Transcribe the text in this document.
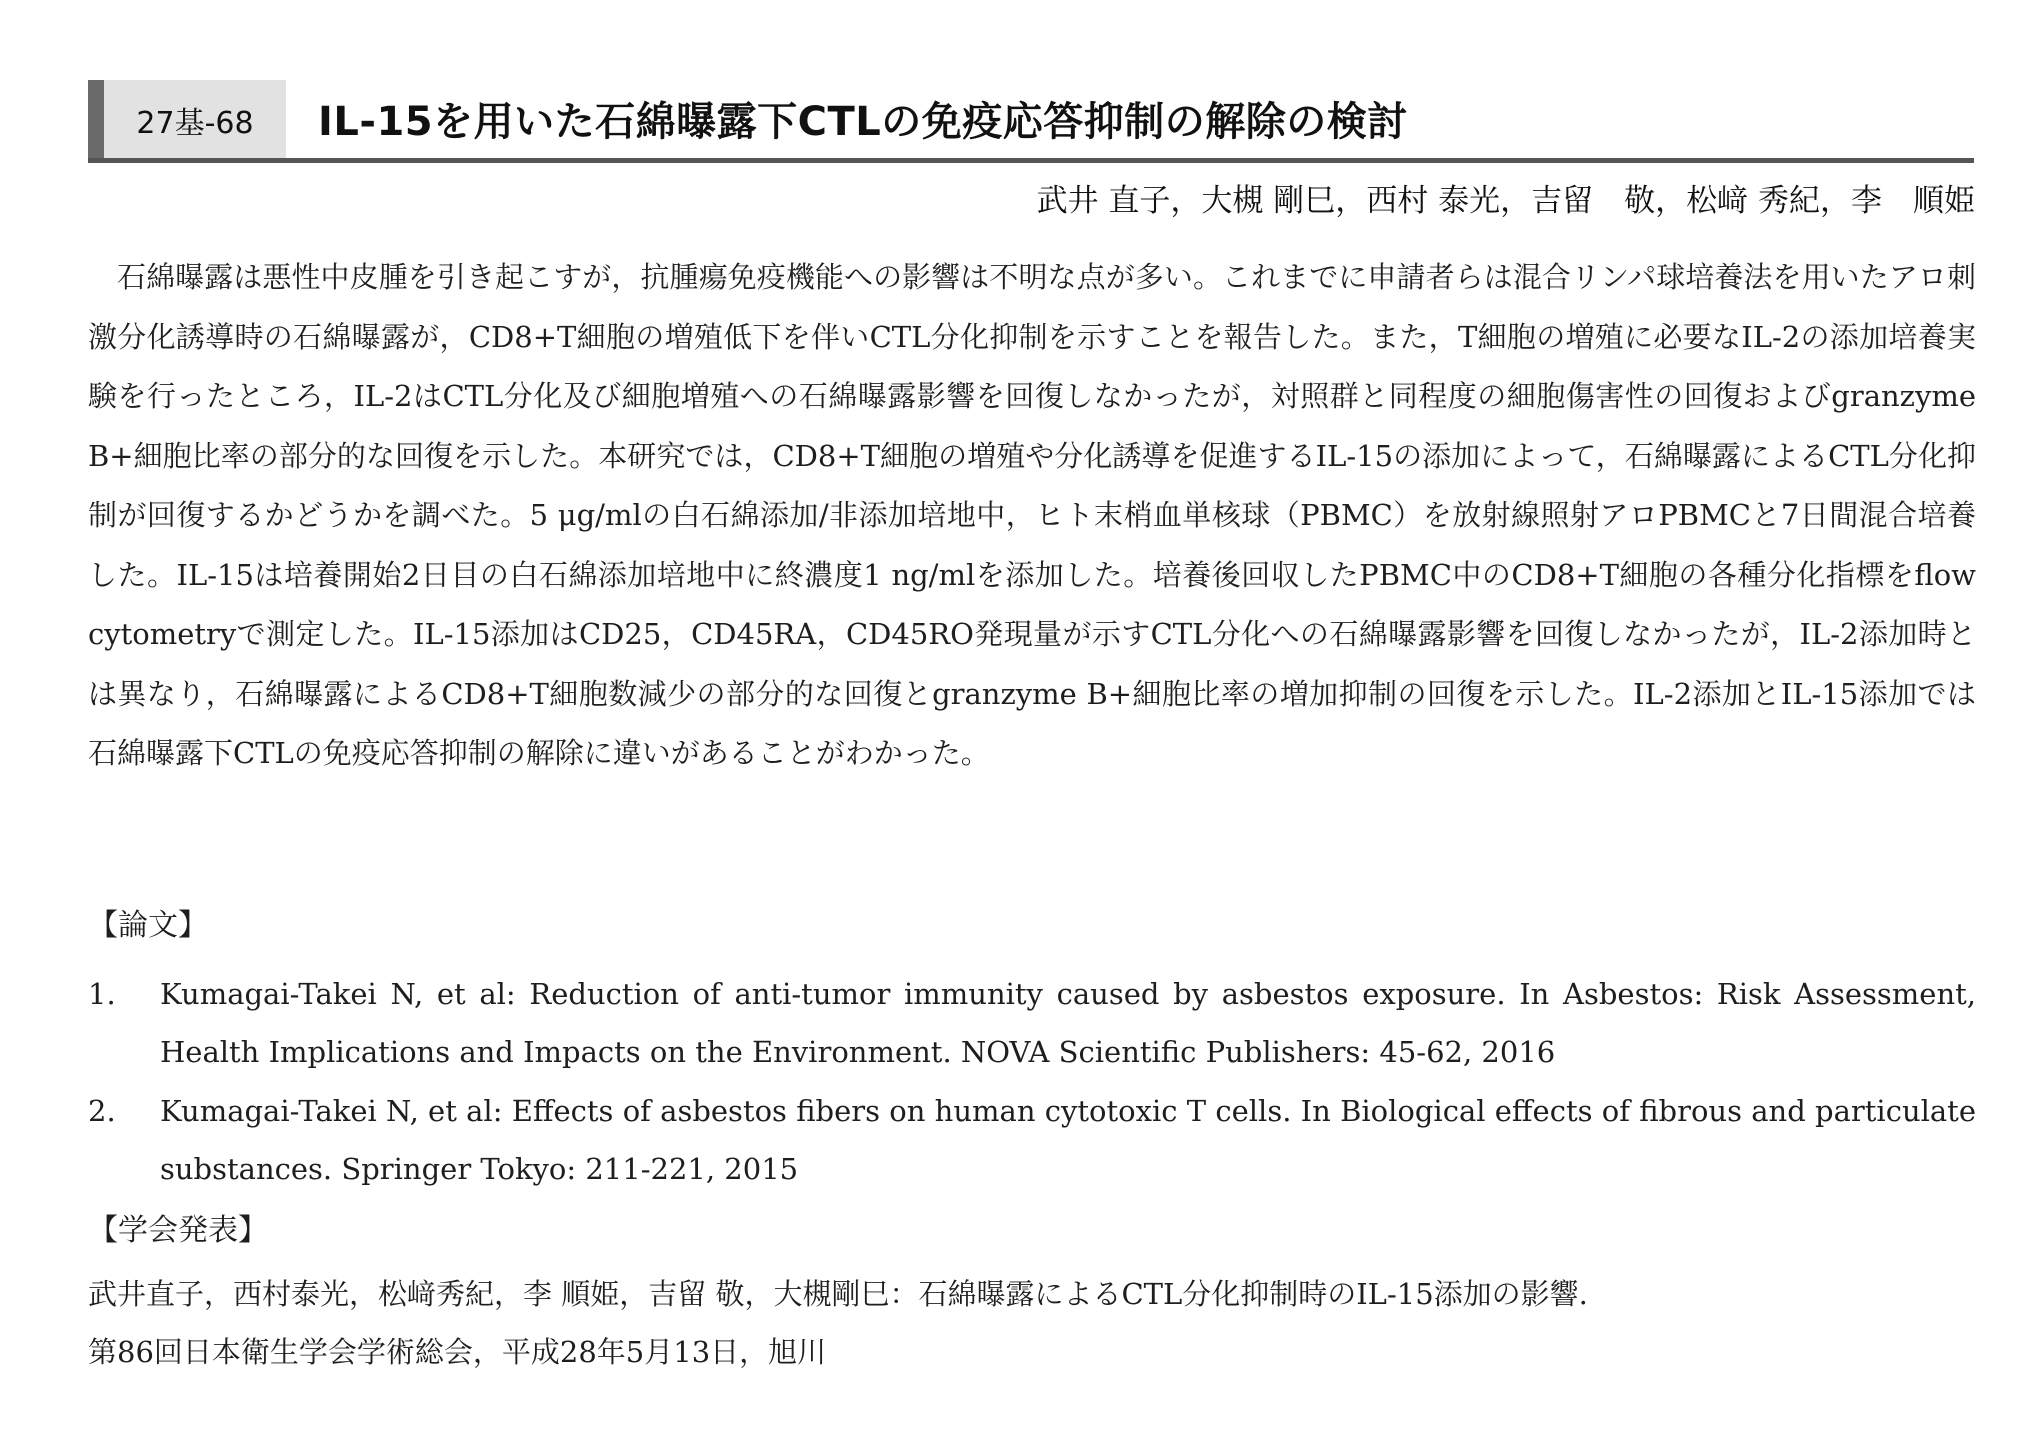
27基-68 IL-15を用いた石綿曝露下CTLの免疫応答抑制の解除の検討
武井 直子，大槻 剛巳，西村 泰光，吉留　敬，松﨑 秀紀，李　順姫
石綿曝露は悪性中皮腫を引き起こすが，抗腫瘍免疫機能への影響は不明な点が多い。これまでに申請者らは混合リンパ球培養法を用いたアロ刺激分化誘導時の石綿曝露が，CD8+T細胞の増殖低下を伴いCTL分化抑制を示すことを報告した。また，T細胞の増殖に必要なIL-2の添加培養実験を行ったところ，IL-2はCTL分化及び細胞増殖への石綿曝露影響を回復しなかったが，対照群と同程度の細胞傷害性の回復およびgranzyme B+細胞比率の部分的な回復を示した。本研究では，CD8+T細胞の増殖や分化誘導を促進するIL-15の添加によって，石綿曝露によるCTL分化抑制が回復するかどうかを調べた。5 μg/mlの白石綿添加/非添加培地中，ヒト末梢血単核球（PBMC）を放射線照射アロPBMCと7日間混合培養した。IL-15は培養開始2日目の白石綿添加培地中に終濃度1 ng/mlを添加した。培養後回収したPBMC中のCD8+T細胞の各種分化指標をflow cytometryで測定した。IL-15添加はCD25，CD45RA，CD45RO発現量が示すCTL分化への石綿曝露影響を回復しなかったが，IL-2添加時とは異なり，石綿曝露によるCD8+T細胞数減少の部分的な回復とgranzyme B+細胞比率の増加抑制の回復を示した。IL-2添加とIL-15添加では石綿曝露下CTLの免疫応答抑制の解除に違いがあることがわかった。
【論文】
1.	Kumagai-Takei N, et al: Reduction of anti-tumor immunity caused by asbestos exposure. In Asbestos: Risk Assessment, Health Implications and Impacts on the Environment. NOVA Scientific Publishers: 45-62, 2016
2.	Kumagai-Takei N, et al: Effects of asbestos fibers on human cytotoxic T cells. In Biological effects of fibrous and particulate substances. Springer Tokyo: 211-221, 2015
【学会発表】
武井直子，西村泰光，松﨑秀紀，李 順姫，吉留 敬，大槻剛巳：石綿曝露によるCTL分化抑制時のIL-15添加の影響.
第86回日本衛生学会学術総会，平成28年5月13日，旭川
